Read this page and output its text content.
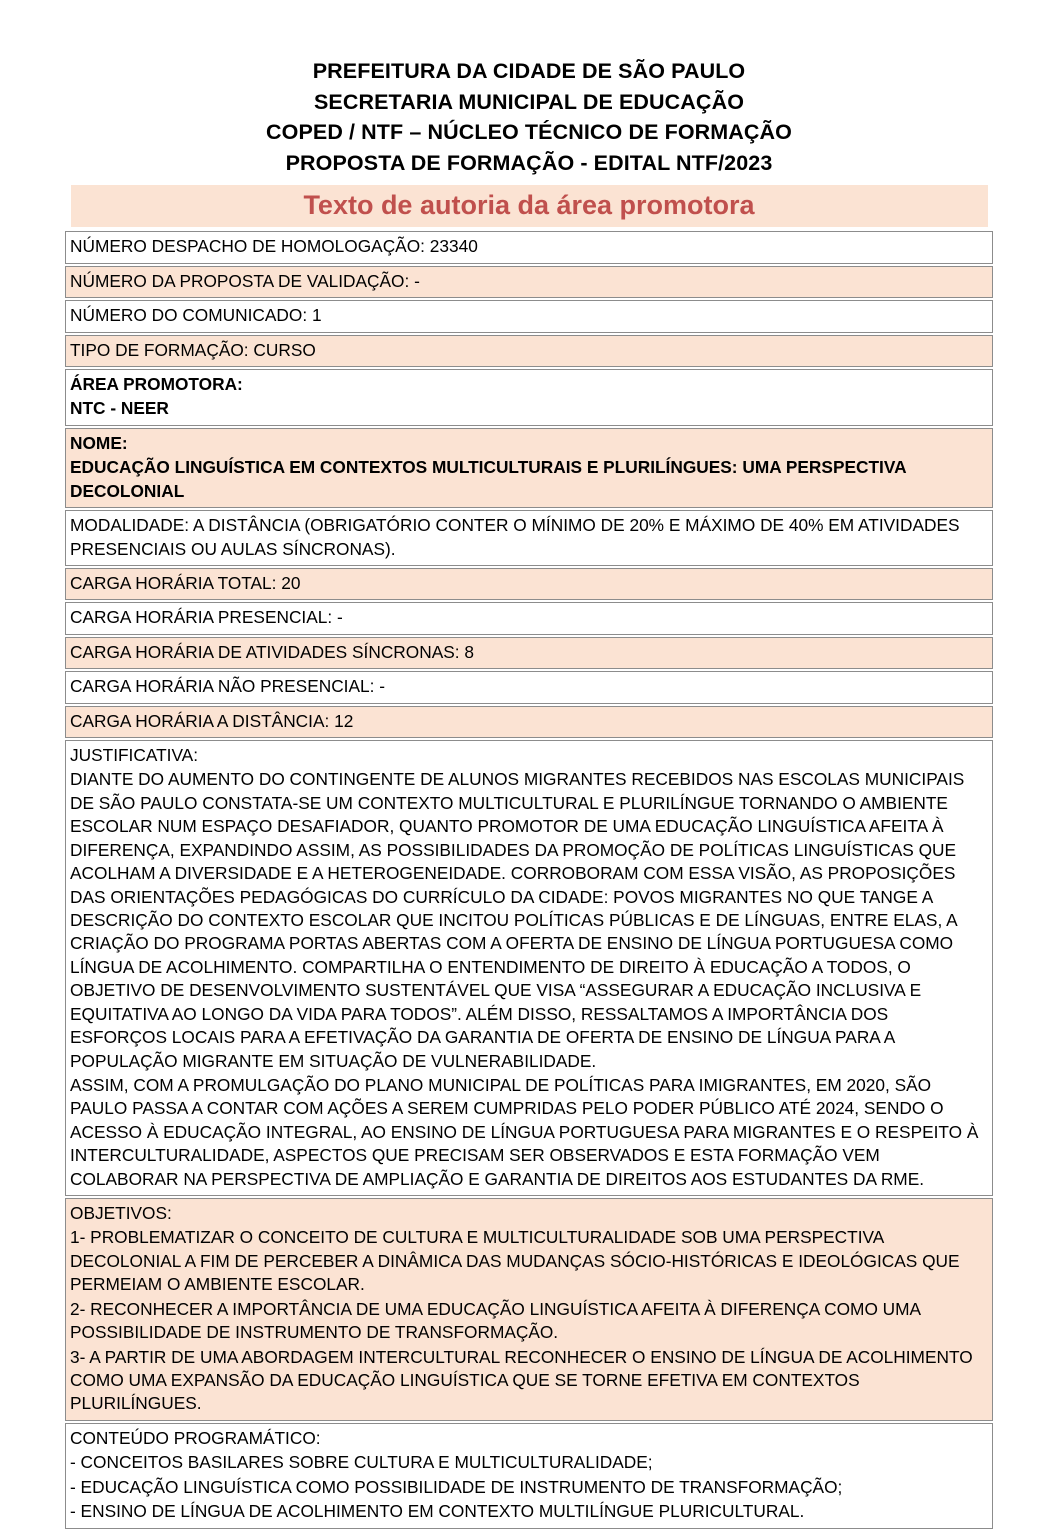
PREFEITURA DA CIDADE DE SÃO PAULO
SECRETARIA MUNICIPAL DE EDUCAÇÃO
COPED / NTF – NÚCLEO TÉCNICO DE FORMAÇÃO
PROPOSTA DE FORMAÇÃO - EDITAL NTF/2023
Texto de autoria da área promotora

NÚMERO DESPACHO DE HOMOLOGAÇÃO: 23340

NÚMERO DA PROPOSTA DE VALIDAÇÃO: -

NÚMERO DO COMUNICADO: 1

TIPO DE FORMAÇÃO: CURSO

ÁREA PROMOTORA:

NTC - NEER

NOME:

EDUCAÇÃO LINGUÍSTICA EM CONTEXTOS MULTICULTURAIS E PLURILÍNGUES: UMA PERSPECTIVA DECOLONIAL

MODALIDADE: A DISTÂNCIA (OBRIGATÓRIO CONTER O MÍNIMO DE 20% E MÁXIMO DE 40% EM ATIVIDADES PRESENCIAIS OU AULAS SÍNCRONAS).

CARGA HORÁRIA TOTAL: 20

CARGA HORÁRIA PRESENCIAL: -

CARGA HORÁRIA DE ATIVIDADES SÍNCRONAS: 8

CARGA HORÁRIA NÃO PRESENCIAL: -

CARGA HORÁRIA A DISTÂNCIA: 12

JUSTIFICATIVA:

DIANTE DO AUMENTO DO CONTINGENTE DE ALUNOS MIGRANTES RECEBIDOS NAS ESCOLAS MUNICIPAIS DE SÃO PAULO CONSTATA-SE UM CONTEXTO MULTICULTURAL E PLURILÍNGUE TORNANDO O AMBIENTE ESCOLAR NUM ESPAÇO DESAFIADOR, QUANTO PROMOTOR DE UMA EDUCAÇÃO LINGUÍSTICA AFEITA À DIFERENÇA, EXPANDINDO ASSIM, AS POSSIBILIDADES DA PROMOÇÃO DE POLÍTICAS LINGUÍSTICAS QUE ACOLHAM A DIVERSIDADE E A HETEROGENEIDADE. CORROBORAM COM ESSA VISÃO, AS PROPOSIÇÕES DAS ORIENTAÇÕES PEDAGÓGICAS DO CURRÍCULO DA CIDADE: POVOS MIGRANTES NO QUE TANGE A DESCRIÇÃO DO CONTEXTO ESCOLAR QUE INCITOU POLÍTICAS PÚBLICAS E DE LÍNGUAS, ENTRE ELAS, A CRIAÇÃO DO PROGRAMA PORTAS ABERTAS COM A OFERTA DE ENSINO DE LÍNGUA PORTUGUESA COMO LÍNGUA DE ACOLHIMENTO. COMPARTILHA O ENTENDIMENTO DE DIREITO À EDUCAÇÃO A TODOS, O OBJETIVO DE DESENVOLVIMENTO SUSTENTÁVEL QUE VISA “ASSEGURAR A EDUCAÇÃO INCLUSIVA E EQUITATIVA AO LONGO DA VIDA PARA TODOS”. ALÉM DISSO, RESSALTAMOS A IMPORTÂNCIA DOS ESFORÇOS LOCAIS PARA A EFETIVAÇÃO DA GARANTIA DE OFERTA DE ENSINO DE LÍNGUA PARA A POPULAÇÃO MIGRANTE EM SITUAÇÃO DE VULNERABILIDADE.

ASSIM, COM A PROMULGAÇÃO DO PLANO MUNICIPAL DE POLÍTICAS PARA IMIGRANTES, EM 2020, SÃO PAULO PASSA A CONTAR COM AÇÕES A SEREM CUMPRIDAS PELO PODER PÚBLICO ATÉ 2024, SENDO O ACESSO À EDUCAÇÃO INTEGRAL, AO ENSINO DE LÍNGUA PORTUGUESA PARA MIGRANTES E O RESPEITO À INTERCULTURALIDADE, ASPECTOS QUE PRECISAM SER OBSERVADOS E ESTA FORMAÇÃO VEM COLABORAR NA PERSPECTIVA DE AMPLIAÇÃO E GARANTIA DE DIREITOS AOS ESTUDANTES DA RME.

OBJETIVOS:

1- PROBLEMATIZAR O CONCEITO DE CULTURA E MULTICULTURALIDADE SOB UMA PERSPECTIVA DECOLONIAL A FIM DE PERCEBER A DINÂMICA DAS MUDANÇAS SÓCIO-HISTÓRICAS E IDEOLÓGICAS QUE PERMEIAM O AMBIENTE ESCOLAR.

2- RECONHECER A IMPORTÂNCIA DE UMA EDUCAÇÃO LINGUÍSTICA AFEITA À DIFERENÇA COMO UMA POSSIBILIDADE DE INSTRUMENTO DE TRANSFORMAÇÃO.

3- A PARTIR DE UMA ABORDAGEM INTERCULTURAL RECONHECER O ENSINO DE LÍNGUA DE ACOLHIMENTO COMO UMA EXPANSÃO DA EDUCAÇÃO LINGUÍSTICA QUE SE TORNE EFETIVA EM CONTEXTOS PLURILÍNGUES.

CONTEÚDO PROGRAMÁTICO:

- CONCEITOS BASILARES SOBRE CULTURA E MULTICULTURALIDADE;

- EDUCAÇÃO LINGUÍSTICA COMO POSSIBILIDADE DE INSTRUMENTO DE TRANSFORMAÇÃO;

- ENSINO DE LÍNGUA DE ACOLHIMENTO EM CONTEXTO MULTILÍNGUE PLURICULTURAL.
